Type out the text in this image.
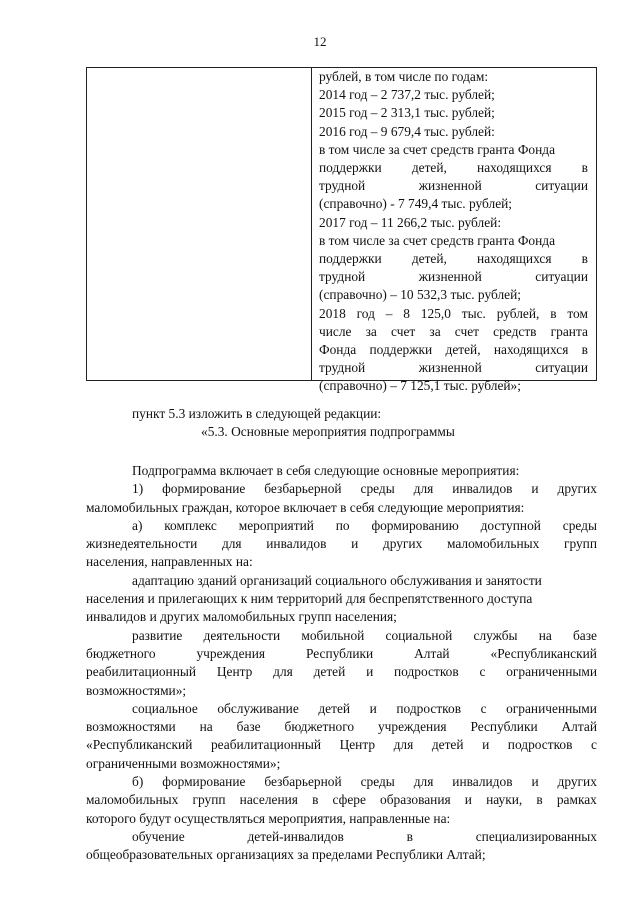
12
рублей, в том числе по годам:
2014 год – 2 737,2 тыс. рублей;
2015 год – 2 313,1 тыс. рублей;
2016 год – 9 679,4 тыс. рублей:
в том числе за счет средств гранта Фонда
поддержки детей, находящихся в
трудной	жизненной	ситуации
(справочно) - 7 749,4 тыс. рублей;
2017 год – 11 266,2 тыс. рублей:
в том числе за счет средств гранта Фонда
поддержки детей, находящихся в
трудной	жизненной	ситуации
(справочно) – 10 532,3 тыс. рублей;
2018 год – 8 125,0 тыс. рублей, в том
числе за счет за счет средств гранта
Фонда поддержки детей, находящихся в
трудной	жизненной	ситуации
(справочно) – 7 125,1 тыс. рублей»;
пункт 5.3 изложить в следующей редакции:
«5.3. Основные мероприятия подпрограммы
Подпрограмма включает в себя следующие основные мероприятия:
1) формирование безбарьерной среды для инвалидов и других
маломобильных граждан, которое включает в себя следующие мероприятия:
а) комплекс мероприятий по формированию доступной среды
жизнедеятельности для инвалидов и других маломобильных групп
населения, направленных на:
адаптацию зданий организаций социального обслуживания и занятости
населения и прилегающих к ним территорий для беспрепятственного доступа
инвалидов и других маломобильных групп населения;
развитие деятельности мобильной социальной службы на базе
бюджетного	учреждения	Республики	Алтай	«Республиканский
реабилитационный Центр для детей и подростков с ограниченными
возможностями»;
социальное обслуживание детей и подростков с ограниченными
возможностями на базе бюджетного учреждения Республики Алтай
«Республиканский реабилитационный Центр для детей и подростков с
ограниченными возможностями»;
б) формирование безбарьерной среды для инвалидов и других
маломобильных групп населения в сфере образования и науки, в рамках
которого будут осуществляться мероприятия, направленные на:
обучение	детей-инвалидов	в	специализированных
общеобразовательных организациях за пределами Республики Алтай;
